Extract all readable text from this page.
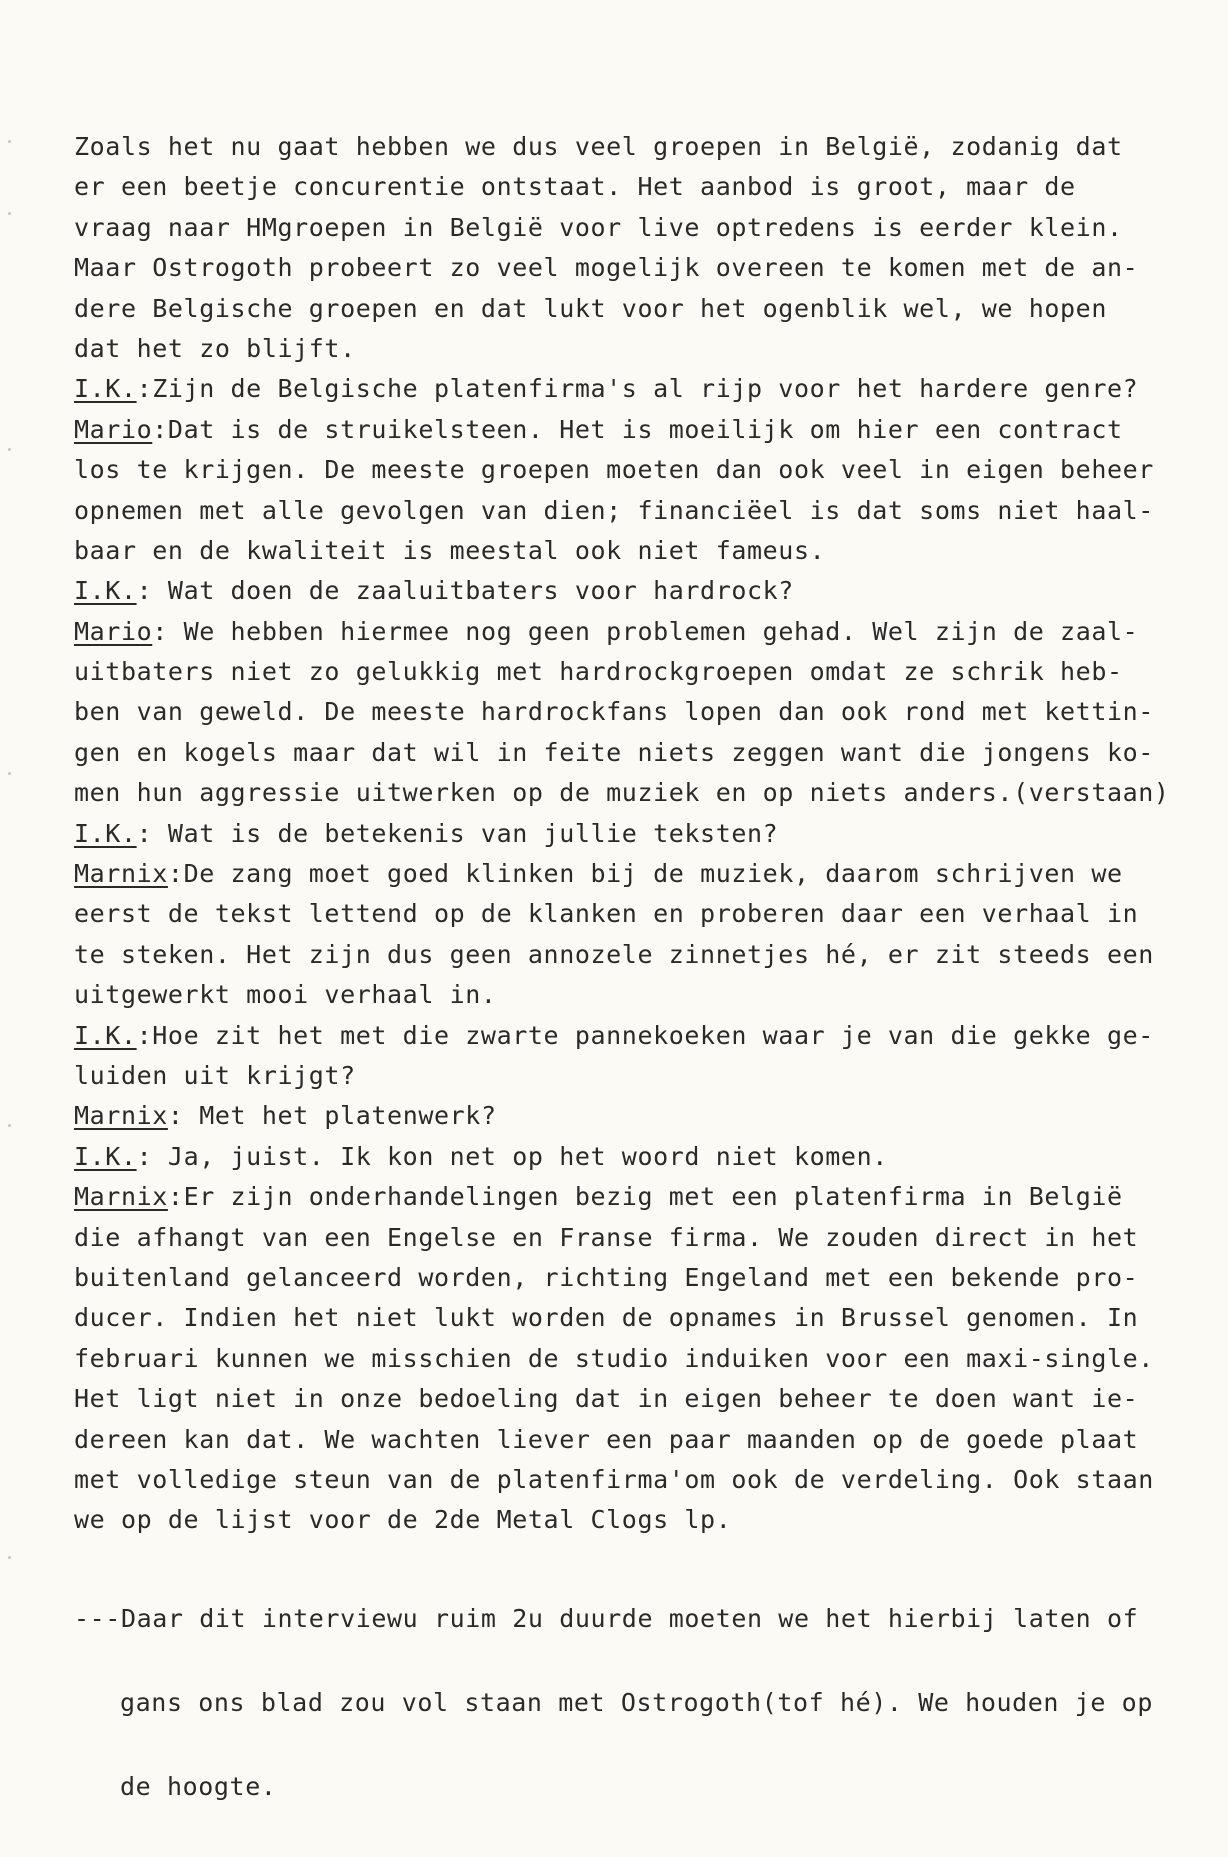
Zoals het nu gaat hebben we dus veel groepen in België, zodanig dat
er een beetje concurentie ontstaat. Het aanbod is groot, maar de
vraag naar HMgroepen in België voor live optredens is eerder klein.
Maar Ostrogoth probeert zo veel mogelijk overeen te komen met de an-
dere Belgische groepen en dat lukt voor het ogenblik wel, we hopen
dat het zo blijft.
I.K.:Zijn de Belgische platenfirma's al rijp voor het hardere genre?
Mario:Dat is de struikelsteen. Het is moeilijk om hier een contract
los te krijgen. De meeste groepen moeten dan ook veel in eigen beheer
opnemen met alle gevolgen van dien; financiëel is dat soms niet haal-
baar en de kwaliteit is meestal ook niet fameus.
I.K.: Wat doen de zaaluitbaters voor hardrock?
Mario: We hebben hiermee nog geen problemen gehad. Wel zijn de zaal-
uitbaters niet zo gelukkig met hardrockgroepen omdat ze schrik heb-
ben van geweld. De meeste hardrockfans lopen dan ook rond met kettin-
gen en kogels maar dat wil in feite niets zeggen want die jongens ko-
men hun aggressie uitwerken op de muziek en op niets anders.(verstaan)
I.K.: Wat is de betekenis van jullie teksten?
Marnix:De zang moet goed klinken bij de muziek, daarom schrijven we
eerst de tekst lettend op de klanken en proberen daar een verhaal in
te steken. Het zijn dus geen annozele zinnetjes hé, er zit steeds een
uitgewerkt mooi verhaal in.
I.K.:Hoe zit het met die zwarte pannekoeken waar je van die gekke ge-
luiden uit krijgt?
Marnix: Met het platenwerk?
I.K.: Ja, juist. Ik kon net op het woord niet komen.
Marnix:Er zijn onderhandelingen bezig met een platenfirma in België
die afhangt van een Engelse en Franse firma. We zouden direct in het
buitenland gelanceerd worden, richting Engeland met een bekende pro-
ducer. Indien het niet lukt worden de opnames in Brussel genomen. In
februari kunnen we misschien de studio induiken voor een maxi-single.
Het ligt niet in onze bedoeling dat in eigen beheer te doen want ie-
dereen kan dat. We wachten liever een paar maanden op de goede plaat
met volledige steun van de platenfirma'om ook de verdeling. Ook staan
we op de lijst voor de 2de Metal Clogs lp.

---Daar dit interviewu ruim 2u duurde moeten we het hierbij laten of

gans ons blad zou vol staan met Ostrogoth(tof hé). We houden je op

de hoogte.
